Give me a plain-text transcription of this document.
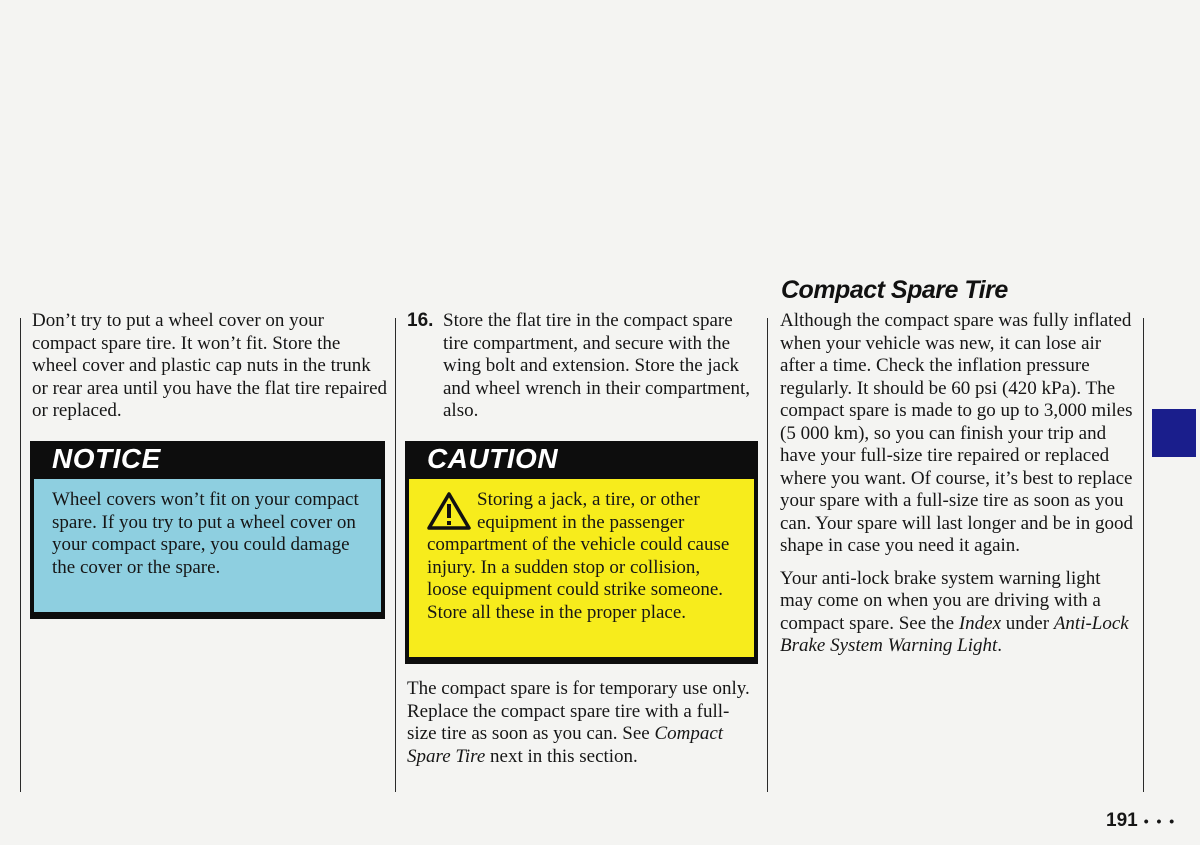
Don’t try to put a wheel cover on your compact spare tire. It won’t fit. Store the wheel cover and plastic cap nuts in the trunk or rear area until you have the flat tire repaired or replaced.

NOTICE
Wheel covers won’t fit on your compact spare. If you try to put a wheel cover on your compact spare, you could damage the cover or the spare.
16. Store the flat tire in the compact spare tire compartment, and secure with the wing bolt and extension. Store the jack and wheel wrench in their compartment, also.
CAUTION
Storing a jack, a tire, or other equipment in the passenger compartment of the vehicle could cause injury. In a sudden stop or collision, loose equipment could strike someone. Store all these in the proper place.

The compact spare is for temporary use only. Replace the compact spare tire with a full-size tire as soon as you can. See Compact Spare Tire next in this section.

Compact Spare Tire

Although the compact spare was fully inflated when your vehicle was new, it can lose air after a time. Check the inflation pressure regularly. It should be 60 psi (420 kPa). The compact spare is made to go up to 3,000 miles (5 000 km), so you can finish your trip and have your full-size tire repaired or replaced where you want. Of course, it’s best to replace your spare with a full-size tire as soon as you can. Your spare will last longer and be in good shape in case you need it again.

Your anti-lock brake system warning light may come on when you are driving with a compact spare. See the Index under Anti-Lock Brake System Warning Light.

191 • • •
